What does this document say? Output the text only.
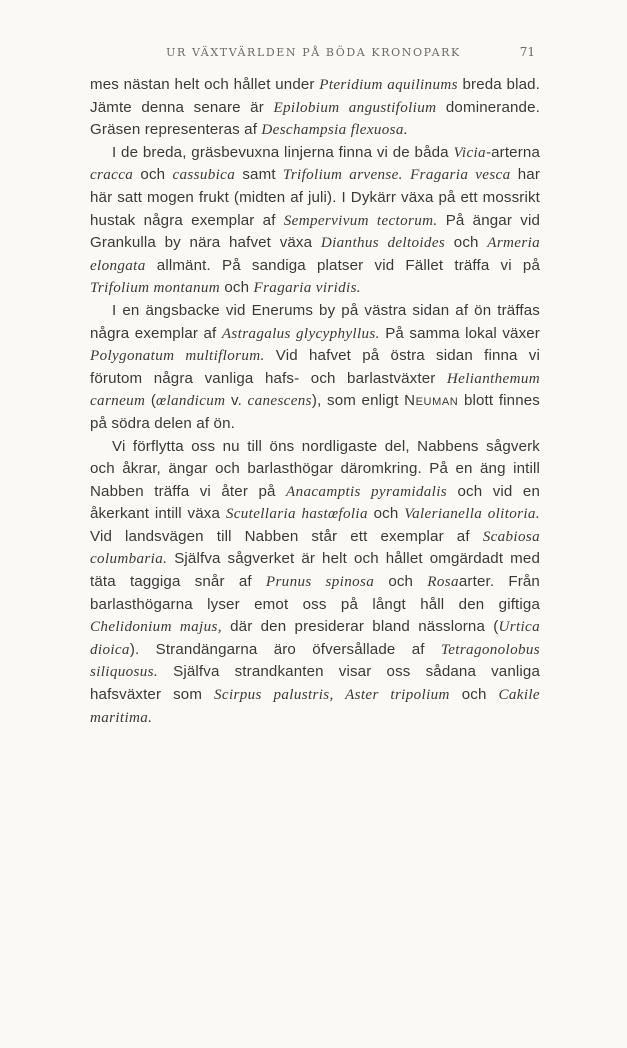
UR VÄXTVÄRLDEN PÅ BÖDA KRONOPARK	71

mes nästan helt och hållet under Pteridium aquilinums breda blad. Jämte denna senare är Epilobium angustifolium dominerande. Gräsen representeras af Deschampsia flexuosa.

I de breda, gräsbevuxna linjerna finna vi de båda Vicia-arterna cracca och cassubica samt Trifolium arvense. Fragaria vesca har här satt mogen frukt (midten af juli). I Dykärr växa på ett mossrikt hustak några exemplar af Sempervivum tectorum. På ängar vid Grankulla by nära hafvet växa Dianthus deltoides och Armeria elongata allmänt. På sandiga platser vid Fället träffa vi på Trifolium montanum och Fragaria viridis.

I en ängsbacke vid Enerums by på västra sidan af ön träffas några exemplar af Astragalus glycyphyllus. På samma lokal växer Polygonatum multiflorum. Vid hafvet på östra sidan finna vi förutom några vanliga hafs- och barlastväxter Helianthemum carneum (œlandicum v. canescens), som enligt Neuman blott finnes på södra delen af ön.

Vi förflytta oss nu till öns nordligaste del, Nabbens sågverk och åkrar, ängar och barlasthögar däromkring. På en äng intill Nabben träffa vi åter på Anacamptis pyramidalis och vid en åkerkant intill växa Scutellaria hastœfolia och Valerianella olitoria. Vid landsvägen till Nabben står ett exemplar af Scabiosa columbaria. Själfva sågverket är helt och hållet omgärdadt med täta taggiga snår af Prunus spinosa och Rosaarter. Från barlasthögarna lyser emot oss på långt håll den giftiga Chelidonium majus, där den presiderar bland nässlorna (Urtica dioica). Strandängarna äro öfversållade af Tetragonolobus siliquosus. Själfva strandkanten visar oss sådana vanliga hafsväxter som Scirpus palustris, Aster tripolium och Cakile maritima.
